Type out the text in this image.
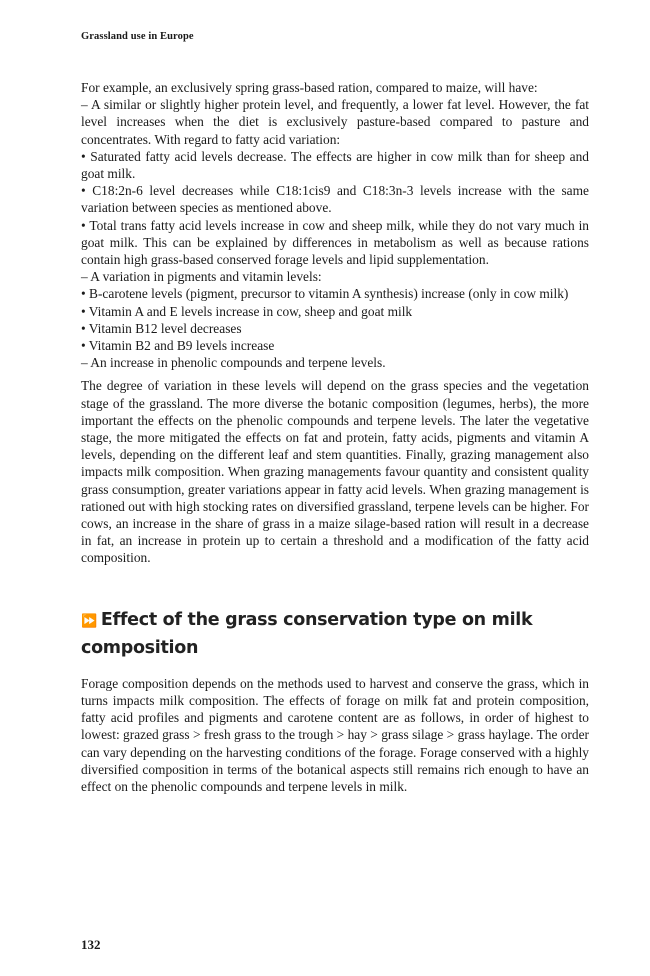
Grassland use in Europe

For example, an exclusively spring grass-based ration, compared to maize, will have:

– A similar or slightly higher protein level, and frequently, a lower fat level. However, the fat level increases when the diet is exclusively pasture-based compared to pasture and concentrates. With regard to fatty acid variation:

• Saturated fatty acid levels decrease. The effects are higher in cow milk than for sheep and goat milk.

• C18:2n-6 level decreases while C18:1cis9 and C18:3n-3 levels increase with the same variation between species as mentioned above.

• Total trans fatty acid levels increase in cow and sheep milk, while they do not vary much in goat milk. This can be explained by differences in metabolism as well as because rations contain high grass-based conserved forage levels and lipid supplementation.

– A variation in pigments and vitamin levels:

• B-carotene levels (pigment, precursor to vitamin A synthesis) increase (only in cow milk)

• Vitamin A and E levels increase in cow, sheep and goat milk

• Vitamin B12 level decreases

• Vitamin B2 and B9 levels increase

– An increase in phenolic compounds and terpene levels.

The degree of variation in these levels will depend on the grass species and the vegetation stage of the grassland. The more diverse the botanic composition (legumes, herbs), the more important the effects on the phenolic compounds and terpene levels. The later the vegetative stage, the more mitigated the effects on fat and protein, fatty acids, pigments and vitamin A levels, depending on the different leaf and stem quantities. Finally, grazing management also impacts milk composition. When grazing managements favour quantity and consistent quality grass consumption, greater variations appear in fatty acid levels. When grazing management is rationed out with high stocking rates on diversified grassland, terpene levels can be higher. For cows, an increase in the share of grass in a maize silage-based ration will result in a decrease in fat, an increase in protein up to certain a threshold and a modification of the fatty acid composition.

⏩ Effect of the grass conservation type on milk composition

Forage composition depends on the methods used to harvest and conserve the grass, which in turns impacts milk composition. The effects of forage on milk fat and protein composition, fatty acid profiles and pigments and carotene content are as follows, in order of highest to lowest: grazed grass > fresh grass to the trough > hay > grass silage > grass haylage. The order can vary depending on the harvesting conditions of the forage. Forage conserved with a highly diversified composition in terms of the botanical aspects still remains rich enough to have an effect on the phenolic compounds and terpene levels in milk.

132
